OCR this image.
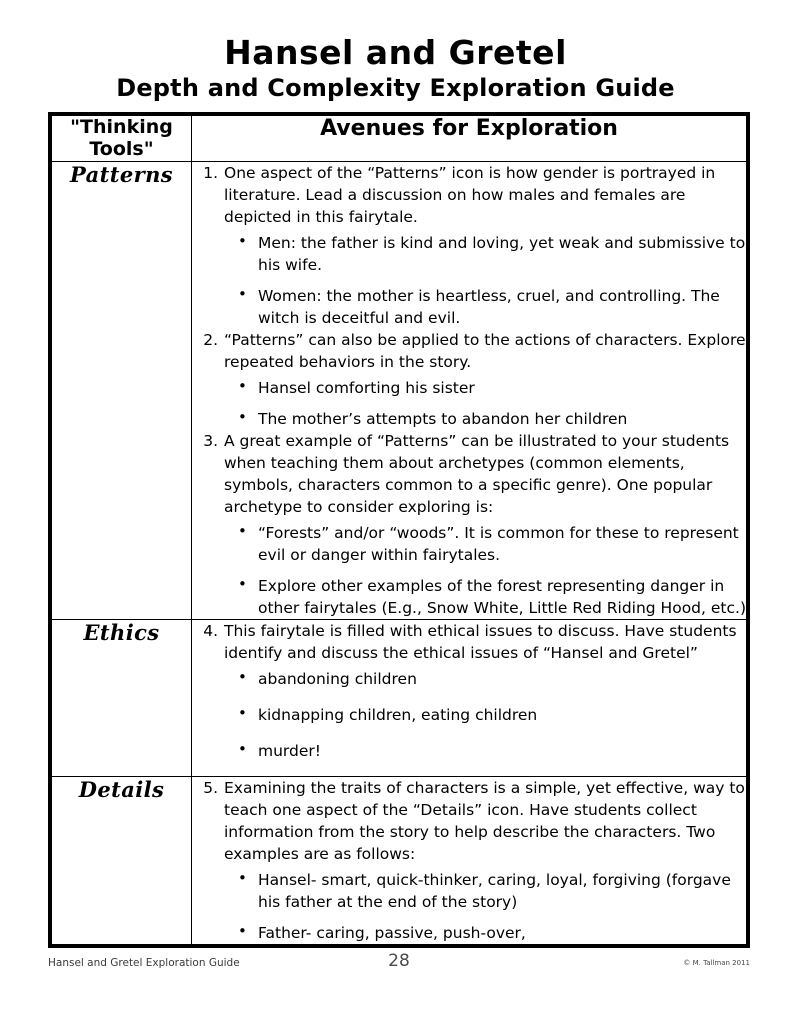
Hansel and Gretel
Depth and Complexity Exploration Guide
"Thinking Tools"	Avenues for Exploration
Patterns	1. One aspect of the “Patterns” icon is how gender is portrayed in literature. Lead a discussion on how males and females are depicted in this fairytale.

• Men: the father is kind and loving, yet weak and submissive to his wife.
• Women: the mother is heartless, cruel, and controlling. The witch is deceitful and evil.
2. “Patterns” can also be applied to the actions of characters. Explore repeated behaviors in the story.

• Hansel comforting his sister
• The mother’s attempts to abandon her children
3. A great example of “Patterns” can be illustrated to your students when teaching them about archetypes (common elements, symbols, characters common to a specific genre). One popular archetype to consider exploring is:

• “Forests” and/or “woods”. It is common for these to represent evil or danger within fairytales.
• Explore other examples of the forest representing danger in other fairytales (E.g., Snow White, Little Red Riding Hood, etc.)

Ethics	4. This fairytale is filled with ethical issues to discuss. Have students identify and discuss the ethical issues of “Hansel and Gretel”

• abandoning children
• kidnapping children, eating children
• murder!

Details	5. Examining the traits of characters is a simple, yet effective, way to teach one aspect of the “Details” icon. Have students collect information from the story to help describe the characters. Two examples are as follows:

• Hansel- smart, quick-thinker, caring, loyal, forgiving (forgave his father at the end of the story)
• Father- caring, passive, push-over,
Hansel and Gretel Exploration Guide	28	© M. Tallman 2011
